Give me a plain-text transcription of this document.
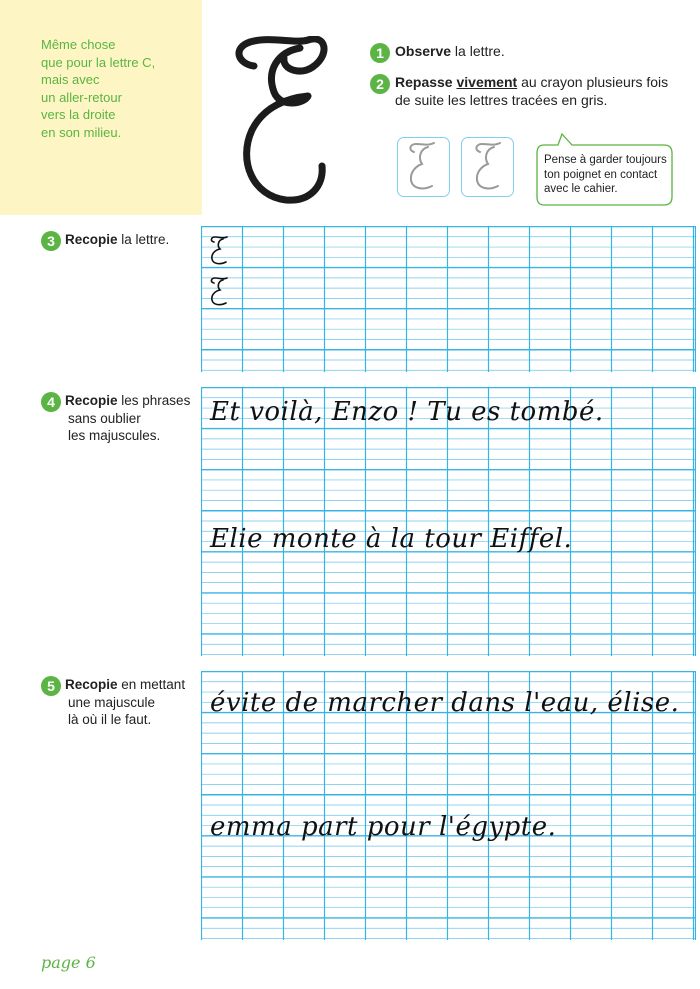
Même chose
que pour la lettre C,
mais avec
un aller-retour
vers la droite
en son milieu.
1 Observe la lettre.
2 Repasse vivement au crayon plusieurs fois
de suite les lettres tracées en gris.
Pense à garder toujours
ton poignet en contact
avec le cahier.
3 Recopie la lettre.
4 Recopie les phrases
sans oublier
les majuscules.
Et voilà, Enzo ! Tu es tombé.
Elie monte à la tour Eiffel.
5 Recopie en mettant
une majuscule
là où il le faut.
évite de marcher dans l'eau, élise.
emma part pour l'égypte.
page 6
